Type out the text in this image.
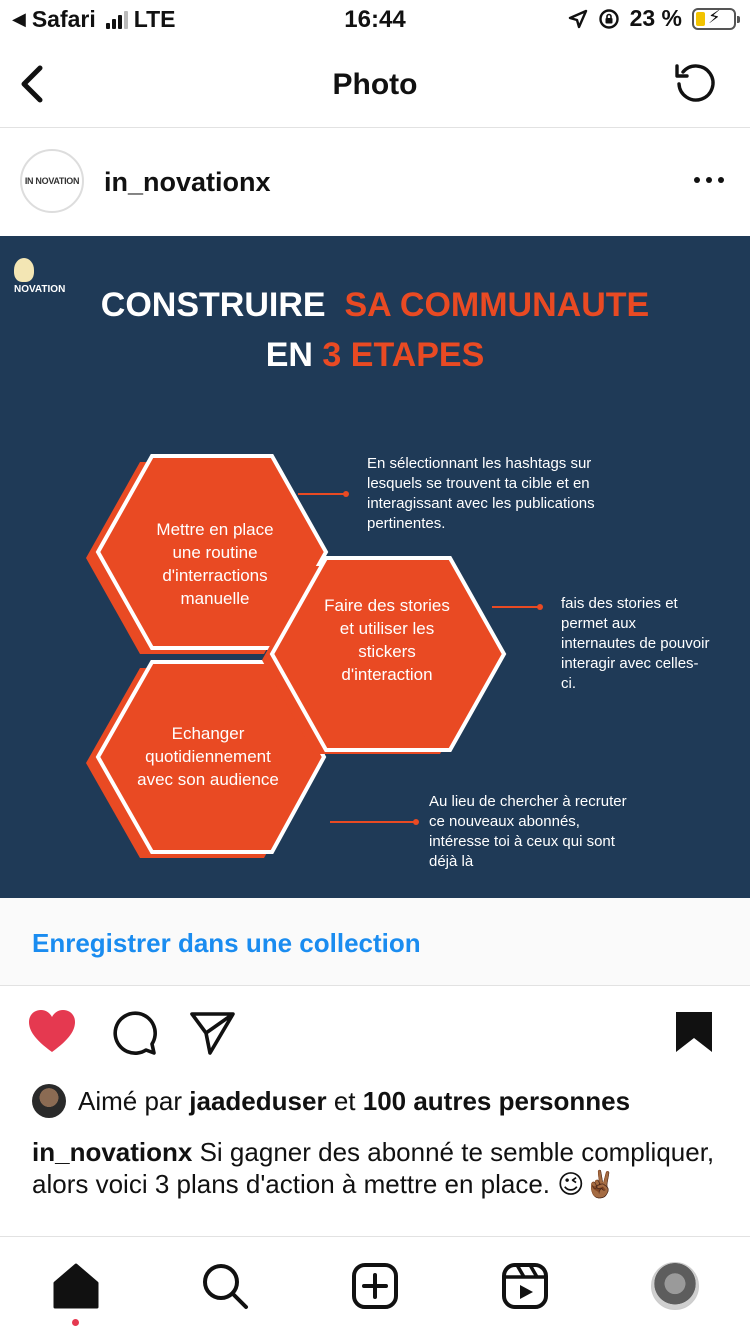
◀ Safari LTE	16:44	23 % ⚡
Photo
IN NOVATION in_novationx
NOVATION	CONSTRUIRE SA COMMUNAUTE
EN 3 ETAPES
Mettre en place une routine d'interractions manuelle	Faire des stories et utiliser les stickers d'interaction
Echanger quotidiennement avec son audience
En sélectionnant les hashtags sur lesquels se trouvent ta cible et en interagissant avec les publications pertinentes.
fais des stories et permet aux internautes de pouvoir interagir avec celles-ci.
Au lieu de chercher à recruter ce nouveaux abonnés, intéresse toi à ceux qui sont déjà là
Enregistrer dans une collection
Aimé par
jaadeduser
et
100 autres personnes
in_novationx Si gagner des abonné te semble compliquer, alors voici 3 plans d'action à mettre en place. 😉✌🏾
